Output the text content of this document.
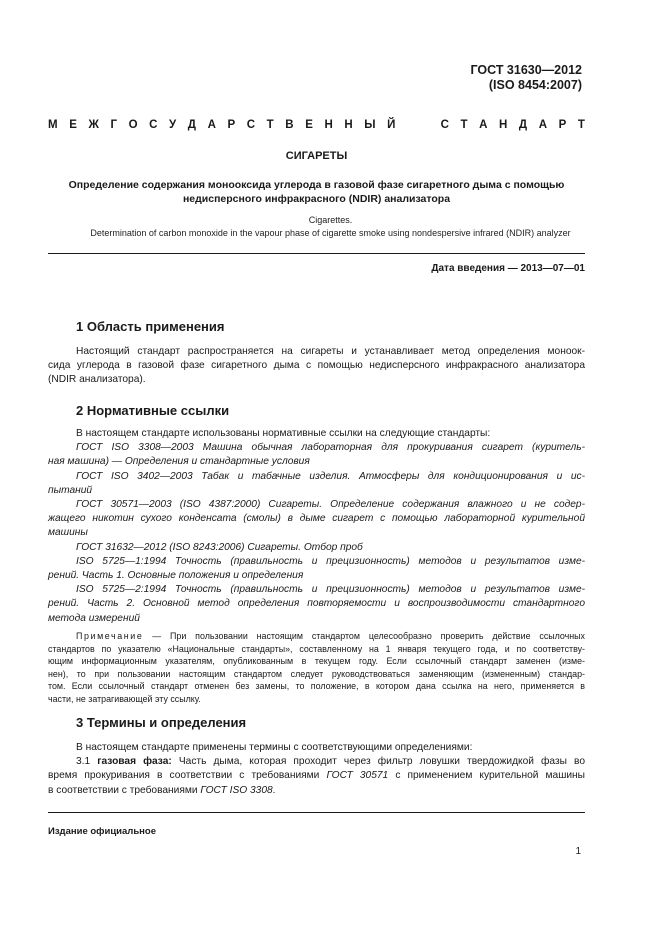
ГОСТ 31630—2012
(ISO 8454:2007)
М Е Ж Г О С У Д А Р С Т В Е Н Н Ы Й	С Т А Н Д А Р Т
СИГАРЕТЫ
Определение содержания монооксида углерода в газовой фазе сигаретного дыма с помощью
недисперсного инфракрасного (NDIR) анализатора
Cigarettes.
Determination of carbon monoxide in the vapour phase of cigarette smoke using nondespersive infrared (NDIR) analyzer
Дата введения — 2013—07—01
1 Область применения
Настоящий стандарт распространяется на сигареты и устанавливает метод определения моноок-
сида углерода в газовой фазе сигаретного дыма с помощью недисперсного инфракрасного анализатора
(NDIR анализатора).
2 Нормативные ссылки
В настоящем стандарте использованы нормативные ссылки на следующие стандарты:
ГОСТ ISO 3308—2003 Машина обычная лабораторная для прокуривания сигарет (куритель-
ная машина) — Определения и стандартные условия
ГОСТ ISO 3402—2003 Табак и табачные изделия. Атмосферы для кондиционирования и ис-
пытаний
ГОСТ 30571—2003 (ISO 4387:2000) Сигареты. Определение содержания влажного и не содер-
жащего никотин сухого конденсата (смолы) в дыме сигарет с помощью лабораторной курительной
машины
ГОСТ 31632—2012 (ISO 8243:2006) Сигареты. Отбор проб
ISO 5725—1:1994 Точность (правильность и прецизионность) методов и результатов изме-
рений. Часть 1. Основные положения и определения
ISO 5725—2:1994 Точность (правильность и прецизионность) методов и результатов изме-
рений. Часть 2. Основной метод определения повторяемости и воспроизводимости стандартного
метода измерений
Примечание — При пользовании настоящим стандартом целесообразно проверить действие ссылочных
стандартов по указателю «Национальные стандарты», составленному на 1 января текущего года, и по соответству-
ющим информационным указателям, опубликованным в текущем году. Если ссылочный стандарт заменен (изме-
нен), то при пользовании настоящим стандартом следует руководствоваться заменяющим (измененным) стандар-
том. Если ссылочный стандарт отменен без замены, то положение, в котором дана ссылка на него, применяется в
части, не затрагивающей эту ссылку.
3 Термины и определения
В настоящем стандарте применены термины с соответствующими определениями:
3.1 газовая фаза: Часть дыма, которая проходит через фильтр ловушки твердожидкой фазы во
время прокуривания в соответствии с требованиями ГОСТ 30571 с применением курительной машины
в соответствии с требованиями ГОСТ ISO 3308.
Издание официальное
1
